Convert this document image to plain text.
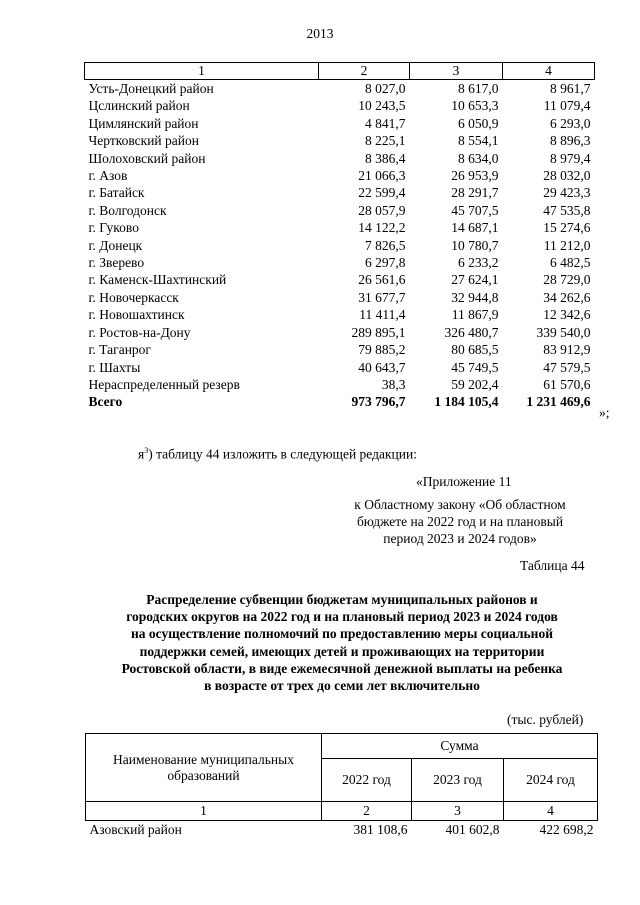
2013
1	2	3	4
Усть-Донецкий район	8 027,0	8 617,0	8 961,7
Цслинский район	10 243,5	10 653,3	11 079,4
Цимлянский район	4 841,7	6 050,9	6 293,0
Чертковский район	8 225,1	8 554,1	8 896,3
Шолоховский район	8 386,4	8 634,0	8 979,4
г. Азов	21 066,3	26 953,9	28 032,0
г. Батайск	22 599,4	28 291,7	29 423,3
г. Волгодонск	28 057,9	45 707,5	47 535,8
г. Гуково	14 122,2	14 687,1	15 274,6
г. Донецк	7 826,5	10 780,7	11 212,0
г. Зверево	6 297,8	6 233,2	6 482,5
г. Каменск-Шахтинский	26 561,6	27 624,1	28 729,0
г. Новочеркасск	31 677,7	32 944,8	34 262,6
г. Новошахтинск	11 411,4	11 867,9	12 342,6
г. Ростов-на-Дону	289 895,1	326 480,7	339 540,0
г. Таганрог	79 885,2	80 685,5	83 912,9
г. Шахты	40 643,7	45 749,5	47 579,5
Нераспределенный резерв	38,3	59 202,4	61 570,6
Всего	973 796,7	1 184 105,4	1 231 469,6
»;
$я^3$) таблицу 44 изложить в следующей редакции:
«Приложение 11
к Областному закону «Об областном
бюджете на 2022 год и на плановый
период 2023 и 2024 годов»
Таблица 44
Распределение субвенции бюджетам муниципальных районов и
городских округов на 2022 год и на плановый период 2023 и 2024 годов
на осуществление полномочий по предоставлению меры социальной
поддержки семей, имеющих детей и проживающих на территории
Ростовской области, в виде ежемесячной денежной выплаты на ребенка
в возрасте от трех до семи лет включительно
(тыс. рублей)
Наименование муниципальных образований	Сумма		
	2022 год	2023 год	2024 год
1	2	3	4
Азовский район	381 108,6	401 602,8	422 698,2
